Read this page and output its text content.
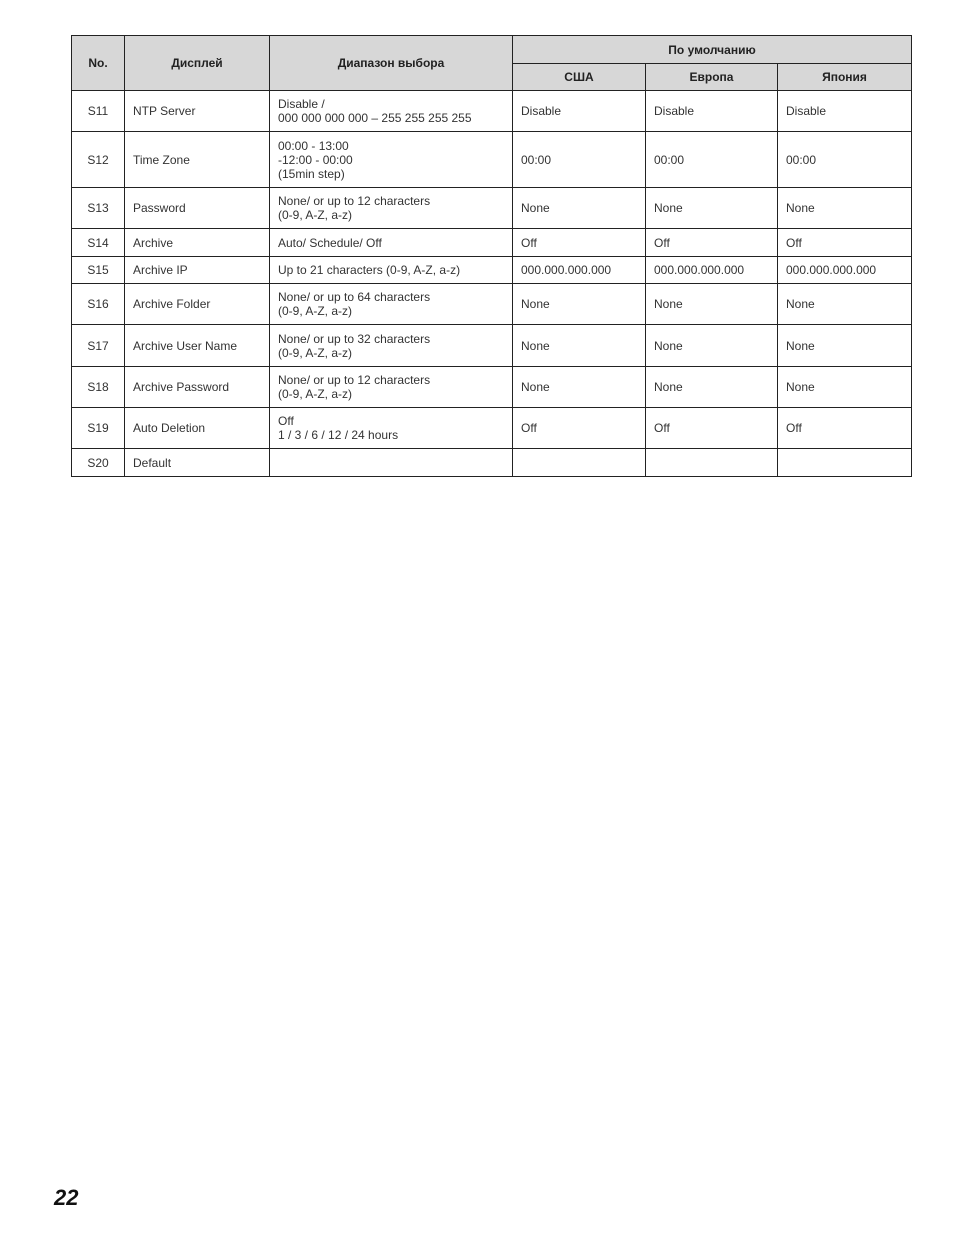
No.	Дисплей	Диапазон выбора	По умолчанию		
			США	Европа	Япония
S11	NTP Server	Disable /
000 000 000 000 – 255 255 255 255	Disable	Disable	Disable
S12	Time Zone	00:00 - 13:00
-12:00 - 00:00
(15min step)	00:00	00:00	00:00
S13	Password	None/ or up to 12 characters
(0-9, A-Z, a-z)	None	None	None
S14	Archive	Auto/ Schedule/ Off	Off	Off	Off
S15	Archive IP	Up to 21 characters (0-9, A-Z, a-z)	000.000.000.000	000.000.000.000	000.000.000.000
S16	Archive Folder	None/ or up to 64 characters
(0-9, A-Z, a-z)	None	None	None
S17	Archive User Name	None/ or up to 32 characters
(0-9, A-Z, a-z)	None	None	None
S18	Archive Password	None/ or up to 12 characters
(0-9, A-Z, a-z)	None	None	None
S19	Auto Deletion	Off
1 / 3 / 6 / 12 / 24 hours	Off	Off	Off
S20	Default	

22
